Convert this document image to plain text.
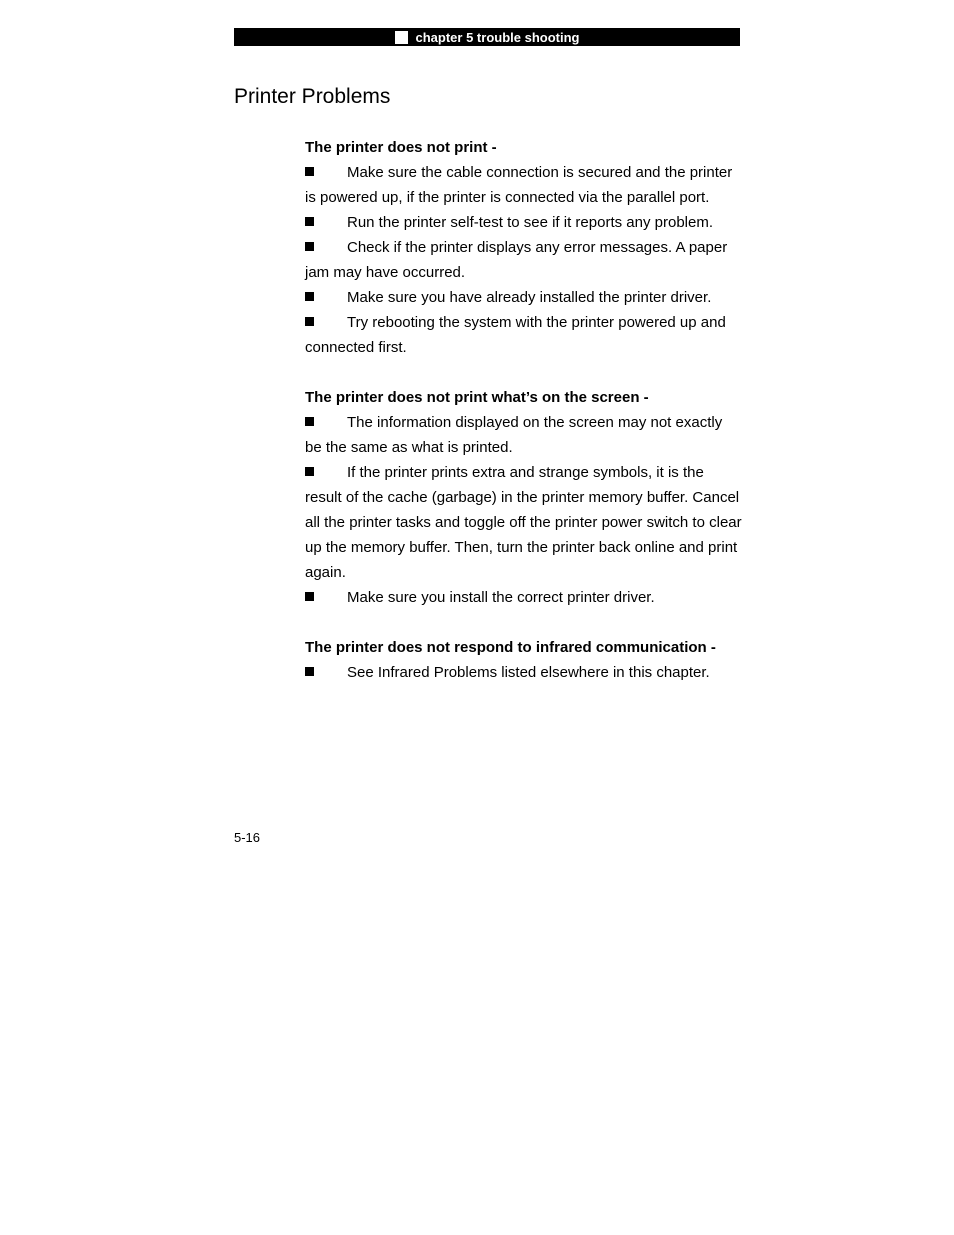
chapter 5 trouble shooting
Printer Problems

The printer does not print -

Make sure the cable connection is secured and the printer is powered up, if the printer is connected via the parallel port.

Run the printer self-test to see if it reports any problem.

Check if the printer displays any error messages. A paper jam may have occurred.

Make sure you have already installed the printer driver.

Try rebooting the system with the printer powered up and connected first.

The printer does not print what’s on the screen -

The information displayed on the screen may not exactly be the same as what is printed.

If the printer prints extra and strange symbols, it is the result of the cache (garbage) in the printer memory buffer. Cancel all the printer tasks and toggle off the printer power switch to clear up the memory buffer. Then, turn the printer back online and print again.

Make sure you install the correct printer driver.

The printer does not respond to infrared communication -

See Infrared Problems listed elsewhere in this chapter.

5-16
